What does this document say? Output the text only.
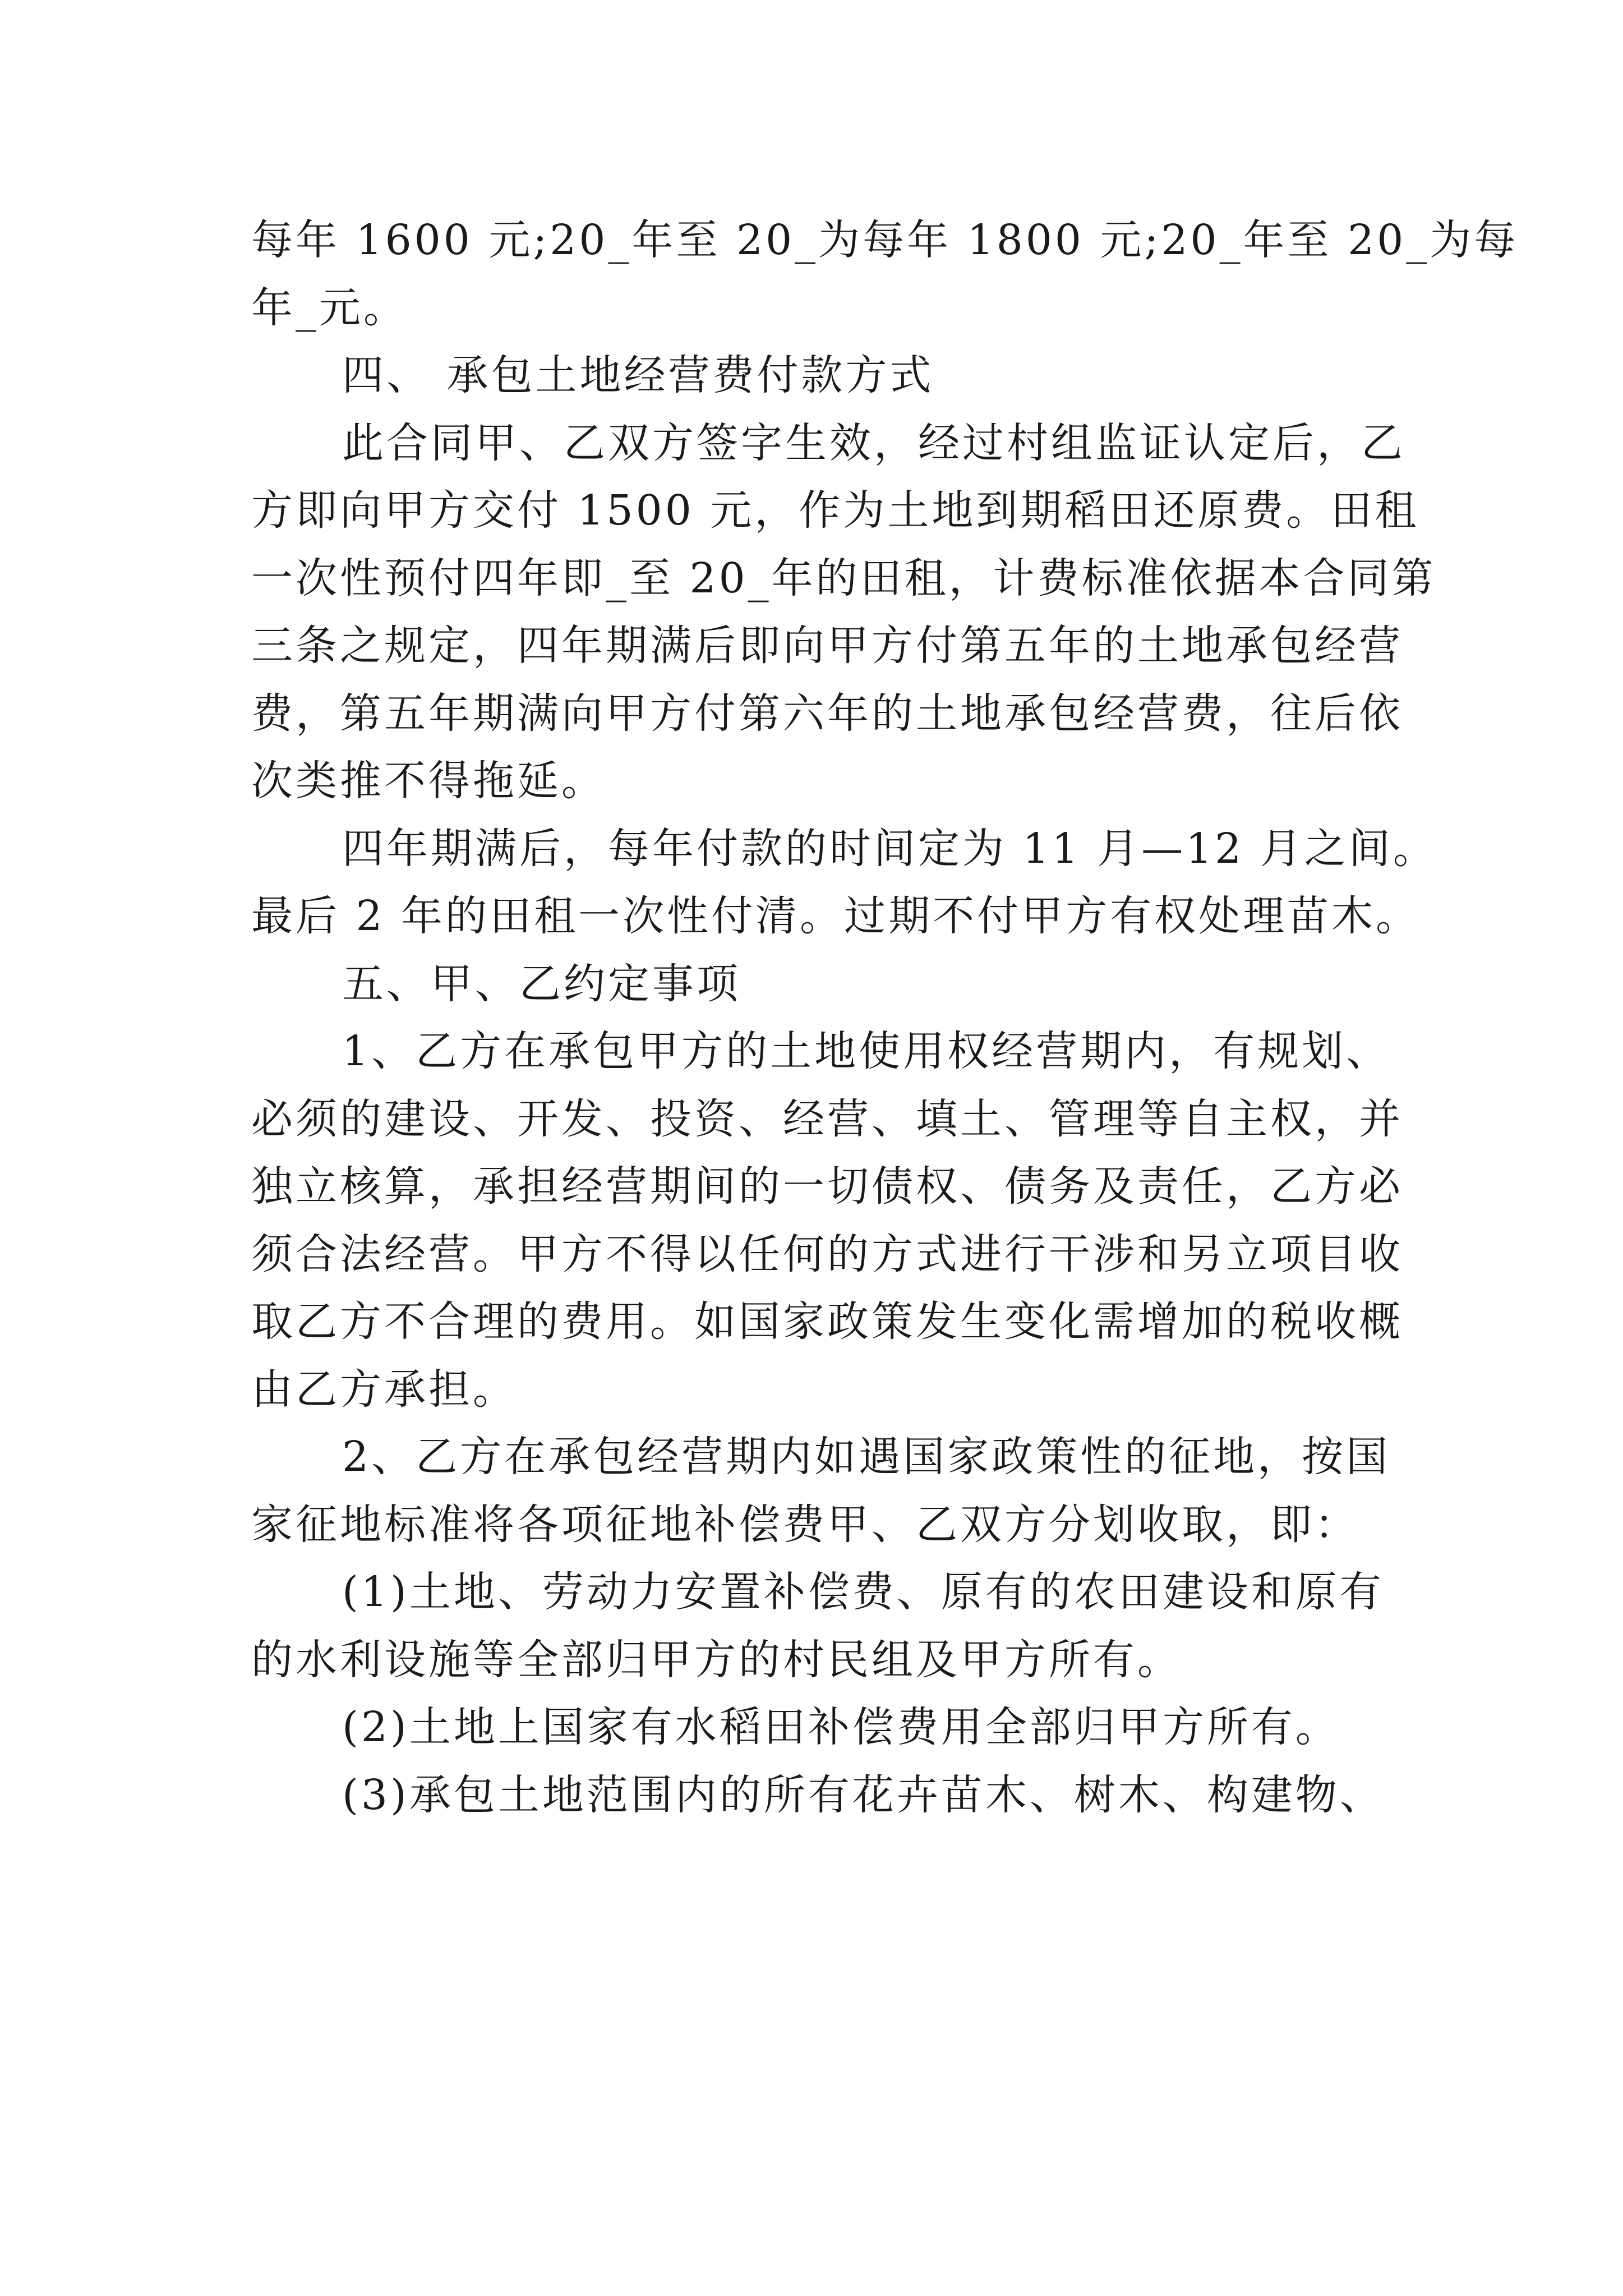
每年 1600 元;20_年至 20_为每年 1800 元;20_年至 20_为每
年_元。
四、 承包土地经营费付款方式
此合同甲、乙双方签字生效，经过村组监证认定后，乙
方即向甲方交付 1500 元，作为土地到期稻田还原费。田租
一次性预付四年即_至 20_年的田租，计费标准依据本合同第
三条之规定，四年期满后即向甲方付第五年的土地承包经营
费，第五年期满向甲方付第六年的土地承包经营费，往后依
次类推不得拖延。
四年期满后，每年付款的时间定为 11 月—12 月之间。
最后 2 年的田租一次性付清。过期不付甲方有权处理苗木。
五、甲、乙约定事项
1、乙方在承包甲方的土地使用权经营期内，有规划、
必须的建设、开发、投资、经营、填土、管理等自主权，并
独立核算，承担经营期间的一切债权、债务及责任，乙方必
须合法经营。甲方不得以任何的方式进行干涉和另立项目收
取乙方不合理的费用。如国家政策发生变化需增加的税收概
由乙方承担。
2、乙方在承包经营期内如遇国家政策性的征地，按国
家征地标准将各项征地补偿费甲、乙双方分划收取，即：
(1)土地、劳动力安置补偿费、原有的农田建设和原有
的水利设施等全部归甲方的村民组及甲方所有。
(2)土地上国家有水稻田补偿费用全部归甲方所有。
(3)承包土地范围内的所有花卉苗木、树木、构建物、
